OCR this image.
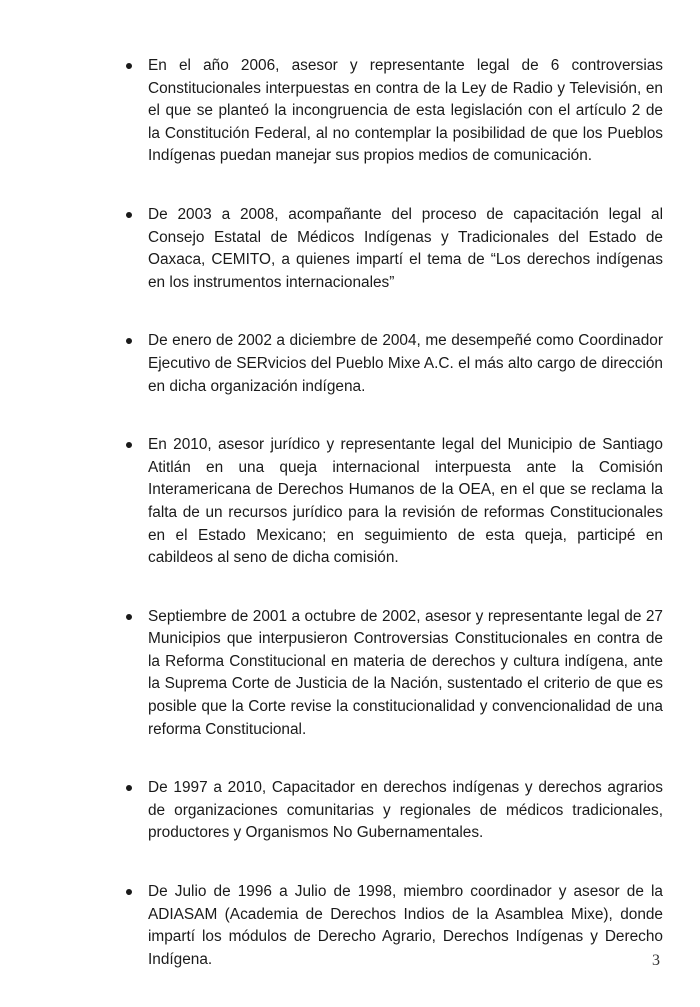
En el año 2006, asesor y representante legal de 6 controversias Constitucionales interpuestas en contra de la Ley de Radio y Televisión, en el que se planteó la incongruencia de esta legislación con el artículo 2 de la Constitución Federal, al no contemplar la posibilidad de que los Pueblos Indígenas puedan manejar sus propios medios de comunicación.
De 2003 a 2008, acompañante del proceso de capacitación legal al Consejo Estatal de Médicos Indígenas y Tradicionales del Estado de Oaxaca, CEMITO, a quienes impartí el tema de “Los derechos indígenas en los instrumentos internacionales”
De enero de 2002 a diciembre de 2004, me desempeñé como Coordinador Ejecutivo de SERvicios del Pueblo Mixe A.C. el más alto cargo de dirección en dicha organización indígena.
En 2010, asesor jurídico y representante legal del Municipio de Santiago Atitlán en una queja internacional interpuesta ante la Comisión Interamericana de Derechos Humanos de la OEA, en el que se reclama la falta de un recursos jurídico para la revisión de reformas Constitucionales en el Estado Mexicano; en seguimiento de esta queja, participé en cabildeos al seno de dicha comisión.
Septiembre de 2001 a octubre de 2002, asesor y representante legal de 27 Municipios que interpusieron Controversias Constitucionales en contra de la Reforma Constitucional en materia de derechos y cultura indígena, ante la Suprema Corte de Justicia de la Nación, sustentado el criterio de que es posible que la Corte revise la constitucionalidad y convencionalidad de una reforma Constitucional.
De 1997 a 2010, Capacitador en derechos indígenas y derechos agrarios de organizaciones comunitarias y regionales de médicos tradicionales, productores y Organismos No Gubernamentales.
De Julio de 1996 a Julio de 1998, miembro coordinador y asesor de la ADIASAM (Academia de Derechos Indios de la Asamblea Mixe), donde impartí los módulos de Derecho Agrario, Derechos Indígenas y Derecho Indígena.	3
